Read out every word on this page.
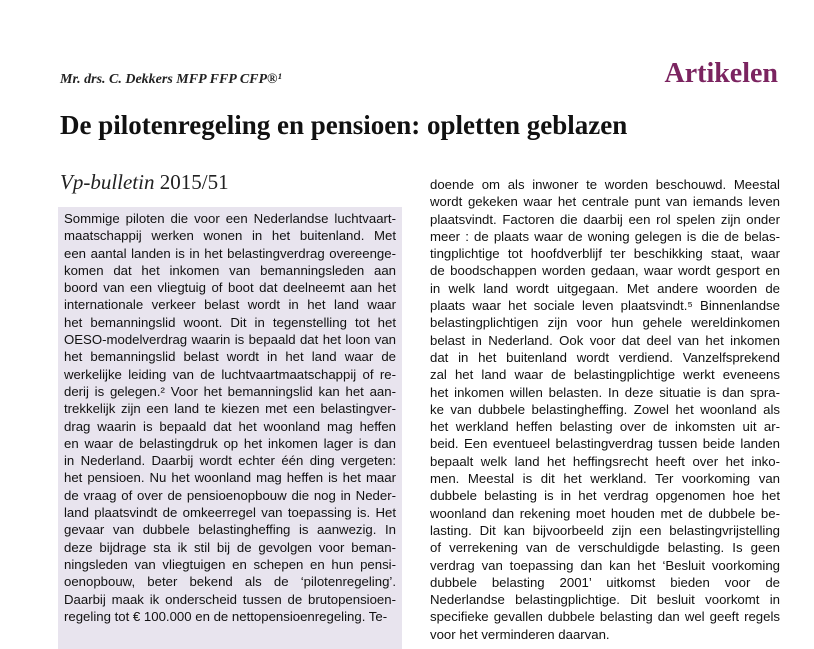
Mr. drs. C. Dekkers MFP FFP CFP®¹	Artikelen
De pilotenregeling en pensioen: opletten geblazen
Vp-bulletin 2015/51
Sommige piloten die voor een Nederlandse luchtvaart-
maatschappij werken wonen in het buitenland. Met
een aantal landen is in het belastingverdrag overeenge-
komen dat het inkomen van bemanningsleden aan
boord van een vliegtuig of boot dat deelneemt aan het
internationale verkeer belast wordt in het land waar
het bemanningslid woont. Dit in tegenstelling tot het
OESO-modelverdrag waarin is bepaald dat het loon van
het bemanningslid belast wordt in het land waar de
werkelijke leiding van de luchtvaartmaatschappij of re-
derij is gelegen.² Voor het bemanningslid kan het aan-
trekkelijk zijn een land te kiezen met een belastingver-
drag waarin is bepaald dat het woonland mag heffen
en waar de belastingdruk op het inkomen lager is dan
in Nederland. Daarbij wordt echter één ding vergeten:
het pensioen. Nu het woonland mag heffen is het maar
de vraag of over de pensioenopbouw die nog in Neder-
land plaatsvindt de omkeerregel van toepassing is. Het
gevaar van dubbele belastingheffing is aanwezig. In
deze bijdrage sta ik stil bij de gevolgen voor beman-
ningsleden van vliegtuigen en schepen en hun pensi-
oenopbouw, beter bekend als de ‘pilotenregeling’.
Daarbij maak ik onderscheid tussen de brutopensioen-
regeling tot € 100.000 en de nettopensioenregeling. Te-
doende om als inwoner te worden beschouwd. Meestal
wordt gekeken waar het centrale punt van iemands leven
plaatsvindt. Factoren die daarbij een rol spelen zijn onder
meer : de plaats waar de woning gelegen is die de belas-
tingplichtige tot hoofdverblijf ter beschikking staat, waar
de boodschappen worden gedaan, waar wordt gesport en
in welk land wordt uitgegaan. Met andere woorden de
plaats waar het sociale leven plaatsvindt.⁵ Binnenlandse
belastingplichtigen zijn voor hun gehele wereldinkomen
belast in Nederland. Ook voor dat deel van het inkomen
dat in het buitenland wordt verdiend. Vanzelfsprekend
zal het land waar de belastingplichtige werkt eveneens
het inkomen willen belasten. In deze situatie is dan spra-
ke van dubbele belastingheffing. Zowel het woonland als
het werkland heffen belasting over de inkomsten uit ar-
beid. Een eventueel belastingverdrag tussen beide landen
bepaalt welk land het heffingsrecht heeft over het inko-
men. Meestal is dit het werkland. Ter voorkoming van
dubbele belasting is in het verdrag opgenomen hoe het
woonland dan rekening moet houden met de dubbele be-
lasting. Dit kan bijvoorbeeld zijn een belastingvrijstelling
of verrekening van de verschuldigde belasting. Is geen
verdrag van toepassing dan kan het ‘Besluit voorkoming
dubbele belasting 2001’ uitkomst bieden voor de
Nederlandse belastingplichtige. Dit besluit voorkomt in
specifieke gevallen dubbele belasting dan wel geeft regels
voor het verminderen daarvan.
